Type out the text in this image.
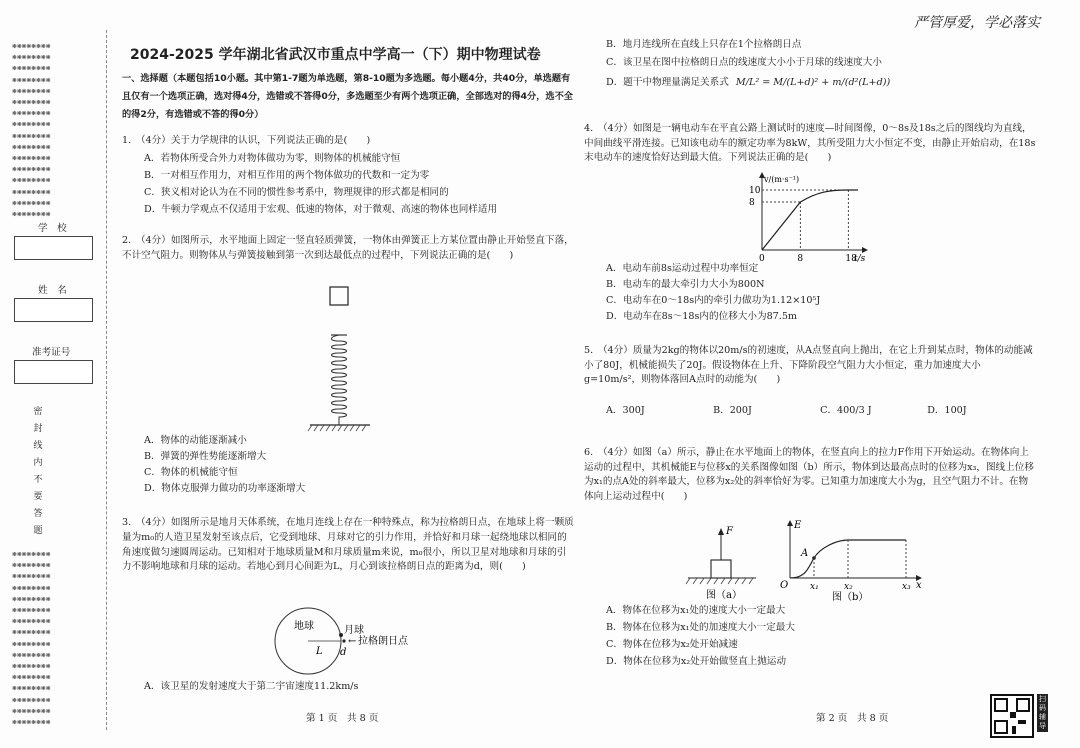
严管厚爱，学必落实
❋❋❋❋❋❋❋❋
❋❋❋❋❋❋❋❋
❋❋❋❋❋❋❋❋
❋❋❋❋❋❋❋❋
❋❋❋❋❋❋❋❋
❋❋❋❋❋❋❋❋
❋❋❋❋❋❋❋❋
❋❋❋❋❋❋❋❋
❋❋❋❋❋❋❋❋
❋❋❋❋❋❋❋❋
❋❋❋❋❋❋❋❋
❋❋❋❋❋❋❋❋
❋❋❋❋❋❋❋❋
❋❋❋❋❋❋❋❋
❋❋❋❋❋❋❋❋
❋❋❋❋❋❋❋❋
学　校
姓　名
准考证号
密封线内不要答题
❋❋❋❋❋❋❋❋
❋❋❋❋❋❋❋❋
❋❋❋❋❋❋❋❋
❋❋❋❋❋❋❋❋
❋❋❋❋❋❋❋❋
❋❋❋❋❋❋❋❋
❋❋❋❋❋❋❋❋
❋❋❋❋❋❋❋❋
❋❋❋❋❋❋❋❋
❋❋❋❋❋❋❋❋
❋❋❋❋❋❋❋❋
❋❋❋❋❋❋❋❋
❋❋❋❋❋❋❋❋
❋❋❋❋❋❋❋❋
❋❋❋❋❋❋❋❋
❋❋❋❋❋❋❋❋
2024-2025 学年湖北省武汉市重点中学高一（下）期中物理试卷
一、选择题（本题包括10小题。其中第1-7题为单选题，第8-10题为多选题。每小题4分，共40分，单选题有且仅有一个选项正确，选对得4分，选错或不答得0分，多选题至少有两个选项正确，全部选对的得4分，选不全的得2分，有选错或不答的得0分）
1.　（4分）关于力学规律的认识，下列说法正确的是(　　)
A．若物体所受合外力对物体做功为零，则物体的机械能守恒
B．一对相互作用力，对相互作用的两个物体做功的代数和一定为零
C．狭义相对论认为在不同的惯性参考系中，物理规律的形式都是相同的
D．牛顿力学观点不仅适用于宏观、低速的物体，对于微观、高速的物体也同样适用
2.　（4分）如图所示，水平地面上固定一竖直轻质弹簧，一物体由弹簧正上方某位置由静止开始竖直下落，不计空气阻力。则物体从与弹簧接触到第一次到达最低点的过程中，下列说法正确的是(　　)
A．物体的动能逐渐减小
B．弹簧的弹性势能逐渐增大
C．物体的机械能守恒
D．物体克服弹力做功的功率逐渐增大
3.　（4分）如图所示是地月天体系统，在地月连线上存在一种特殊点，称为拉格朗日点，在地球上将一颗质量为m₀的人造卫星发射至该点后，它受到地球、月球对它的引力作用，并恰好和月球一起绕地球以相同的角速度做匀速圆周运动。已知相对于地球质量M和月球质量m来说，m₀很小，所以卫星对地球和月球的引力不影响地球和月球的运动。若地心到月心间距为L，月心到该拉格朗日点的距离为d，则(　　)
地球	月球
拉格朗日点
L d
←
A．该卫星的发射速度大于第二宇宙速度11.2km/s
第 1 页　共 8 页
B．地月连线所在直线上只存在1个拉格朗日点
C．该卫星在图中拉格朗日点的线速度大小小于月球的线速度大小
D．题干中物理量满足关系式 M/L² = M/(L+d)² + m/(d²(L+d))
4.　（4分）如图是一辆电动车在平直公路上测试时的速度—时间图像，0～8s及18s之后的图线均为直线，中间曲线平滑连接。已知该电动车的额定功率为8kW，其所受阻力大小恒定不变，由静止开始启动，在18s末电动车的速度恰好达到最大值。下列说法正确的是(　　)
v/(m·s⁻¹)
t/s
0	8	18
8
10
A．电动车前8s运动过程中功率恒定
B．电动车的最大牵引力大小为800N
C．电动车在0～18s内的牵引力做功为1.12×10⁵J
D．电动车在8s～18s内的位移大小为87.5m
5.　（4分）质量为2kg的物体以20m/s的初速度，从A点竖直向上抛出，在它上升到某点时，物体的动能减小了80J，机械能损失了20J。假设物体在上升、下降阶段空气阻力大小恒定，重力加速度大小g=10m/s²，则物体落回A点时的动能为(　　)
A．300J	B．200J	C．400/3 J	D．100J
6.　（4分）如图（a）所示，静止在水平地面上的物体，在竖直向上的拉力F作用下开始运动。在物体向上运动的过程中，其机械能E与位移x的关系图像如图（b）所示，物体到达最高点时的位移为x₃，图线上位移为x₁的点A处的斜率最大，位移为x₂处的斜率恰好为零。已知重力加速度大小为g，且空气阻力不计。在物体向上运动过程中(　　)
F
图（a）
E
x
O
A
x₁	x₂	x₃
图（b）
A．物体在位移为x₁处的速度大小一定最大
B．物体在位移为x₁处的加速度大小一定最大
C．物体在位移为x₂处开始减速
D．物体在位移为x₂处开始做竖直上抛运动
第 2 页　共 8 页
扫码辅导
